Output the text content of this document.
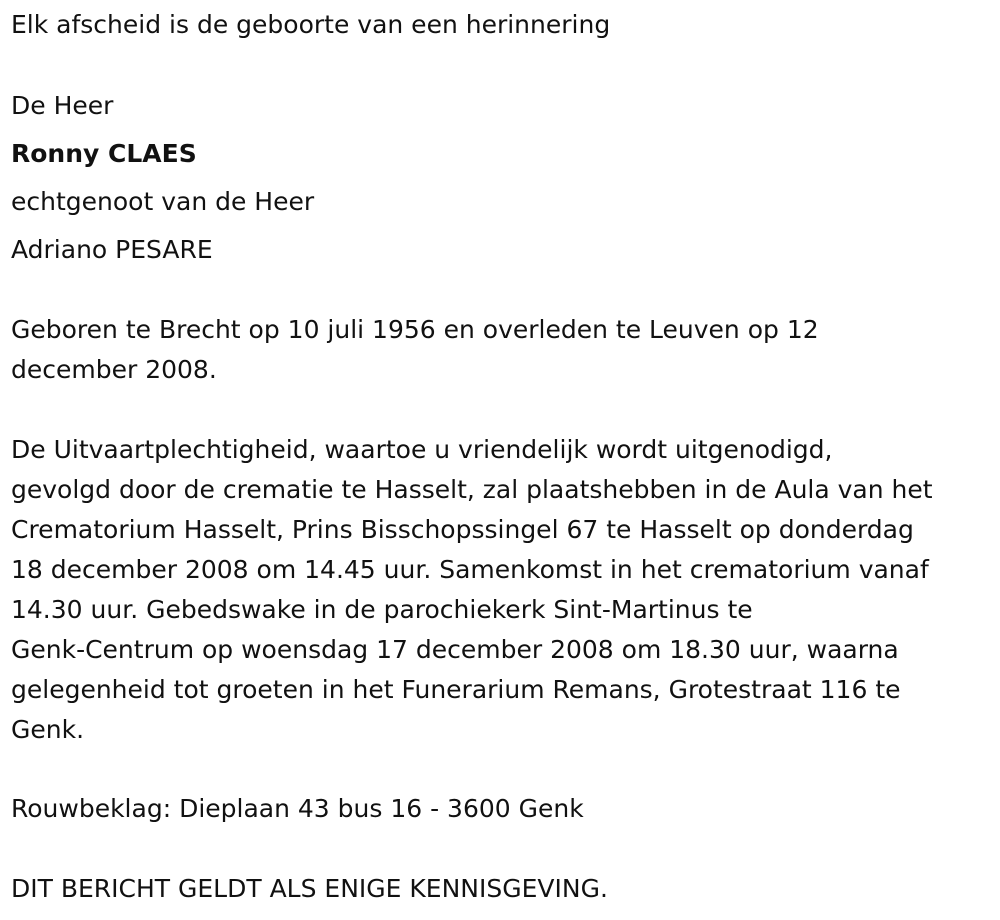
Elk afscheid is de geboorte van een herinnering

De Heer

Ronny CLAES

echtgenoot van de Heer

Adriano PESARE

Geboren te Brecht op 10 juli 1956 en overleden te Leuven op 12

december 2008.

De Uitvaartplechtigheid, waartoe u vriendelijk wordt uitgenodigd,

gevolgd door de crematie te Hasselt, zal plaatshebben in de Aula van het

Crematorium Hasselt, Prins Bisschopssingel 67 te Hasselt op donderdag

18 december 2008 om 14.45 uur. Samenkomst in het crematorium vanaf

14.30 uur. Gebedswake in de parochiekerk Sint-Martinus te

Genk-Centrum op woensdag 17 december 2008 om 18.30 uur, waarna

gelegenheid tot groeten in het Funerarium Remans, Grotestraat 116 te

Genk.

Rouwbeklag: Dieplaan 43 bus 16 - 3600 Genk

DIT BERICHT GELDT ALS ENIGE KENNISGEVING.
